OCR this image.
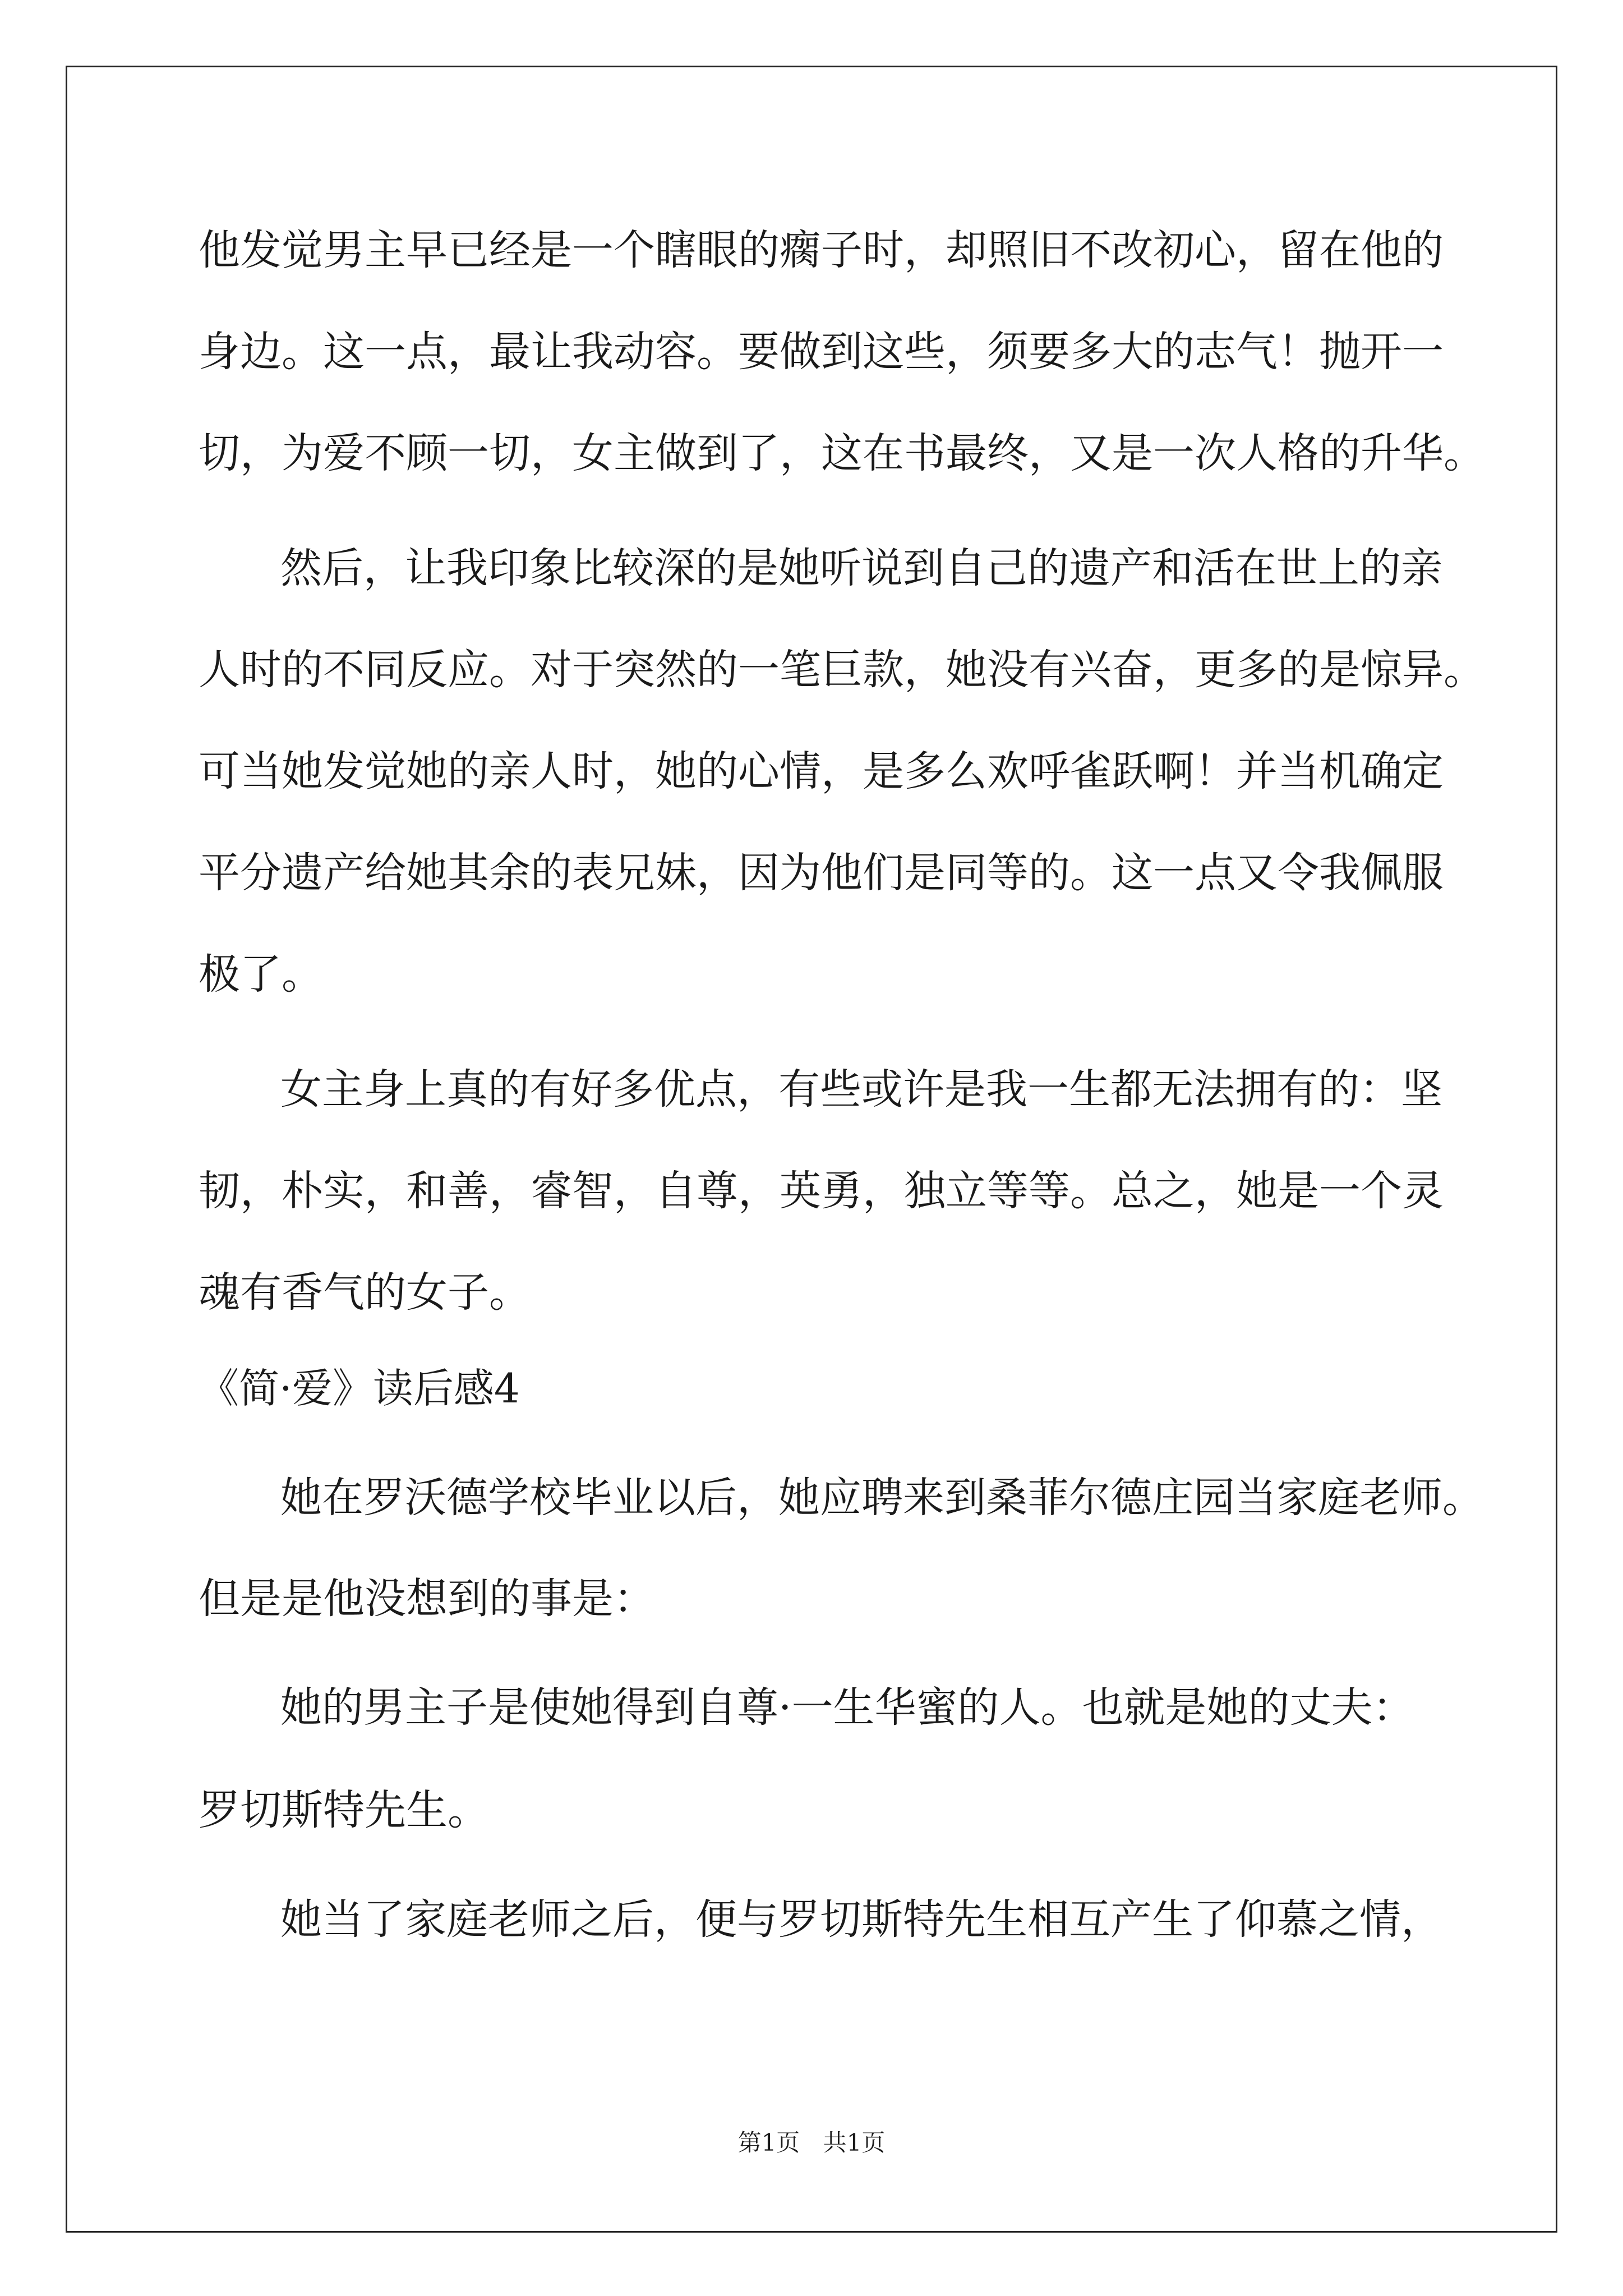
他发觉男主早已经是一个瞎眼的瘸子时，却照旧不改初心，留在他的
身边。这一点，最让我动容。要做到这些，须要多大的志气！抛开一
切，为爱不顾一切，女主做到了，这在书最终，又是一次人格的升华。
然后，让我印象比较深的是她听说到自己的遗产和活在世上的亲
人时的不同反应。对于突然的一笔巨款，她没有兴奋，更多的是惊异。
可当她发觉她的亲人时，她的心情，是多么欢呼雀跃啊！并当机确定
平分遗产给她其余的表兄妹，因为他们是同等的。这一点又令我佩服
极了。
女主身上真的有好多优点，有些或许是我一生都无法拥有的：坚
韧，朴实，和善，睿智，自尊，英勇，独立等等。总之，她是一个灵
魂有香气的女子。
《简·爱》读后感4
她在罗沃德学校毕业以后，她应聘来到桑菲尔德庄园当家庭老师。
但是是他没想到的事是：
她的男主子是使她得到自尊·一生华蜜的人。也就是她的丈夫：
罗切斯特先生。
她当了家庭老师之后，便与罗切斯特先生相互产生了仰慕之情，
第1页 共1页
